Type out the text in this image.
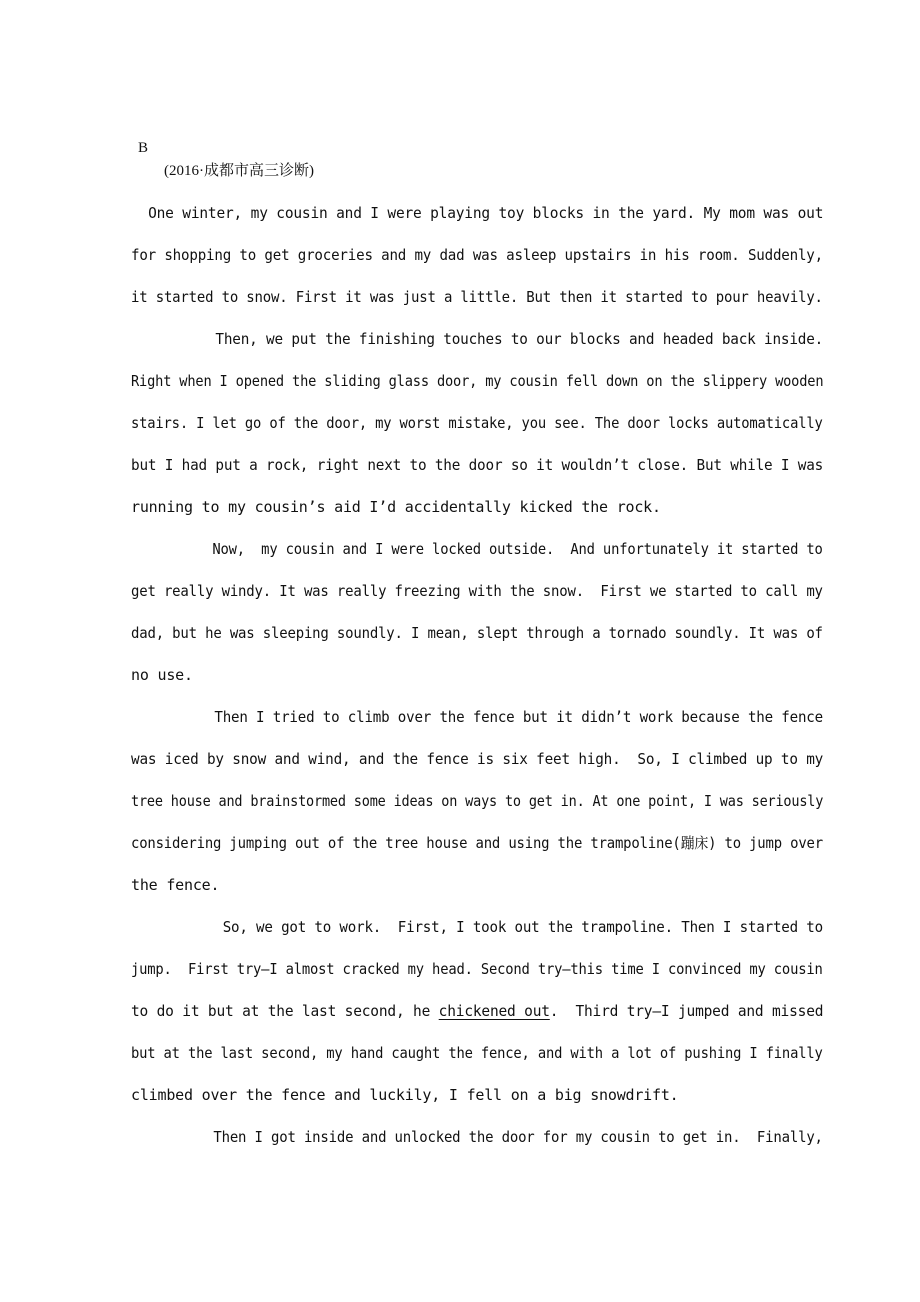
B
(2016·成都市高三诊断)
One winter, my cousin and I were playing toy blocks in the yard. My mom was out
for shopping to get groceries and my dad was asleep upstairs in his room. Suddenly,
it started to snow. First it was just a little. But then it started to pour heavily.
Then, we put the finishing touches to our blocks and headed back inside.
Right when I opened the sliding glass door, my cousin fell down on the slippery wooden
stairs. I let go of the door, my worst mistake, you see. The door locks automatically
but I had put a rock, right next to the door so it wouldn’t close. But while I was
running to my cousin’s aid I’d accidentally kicked the rock.
Now,  my cousin and I were locked outside.  And unfortunately it started to
get really windy. It was really freezing with the snow.  First we started to call my
dad, but he was sleeping soundly. I mean, slept through a tornado soundly. It was of
no use.
Then I tried to climb over the fence but it didn’t work because the fence
was iced by snow and wind, and the fence is six feet high.  So, I climbed up to my
tree house and brainstormed some ideas on ways to get in. At one point, I was seriously
considering jumping out of the tree house and using the trampoline(蹦床) to jump over
the fence.
So, we got to work.  First, I took out the trampoline. Then I started to
jump.  First try—I almost cracked my head. Second try—this time I convinced my cousin
to do it but at the last second, he chickened out.  Third try—I jumped and missed
but at the last second, my hand caught the fence, and with a lot of pushing I finally
climbed over the fence and luckily, I fell on a big snowdrift.
Then I got inside and unlocked the door for my cousin to get in.  Finally,
